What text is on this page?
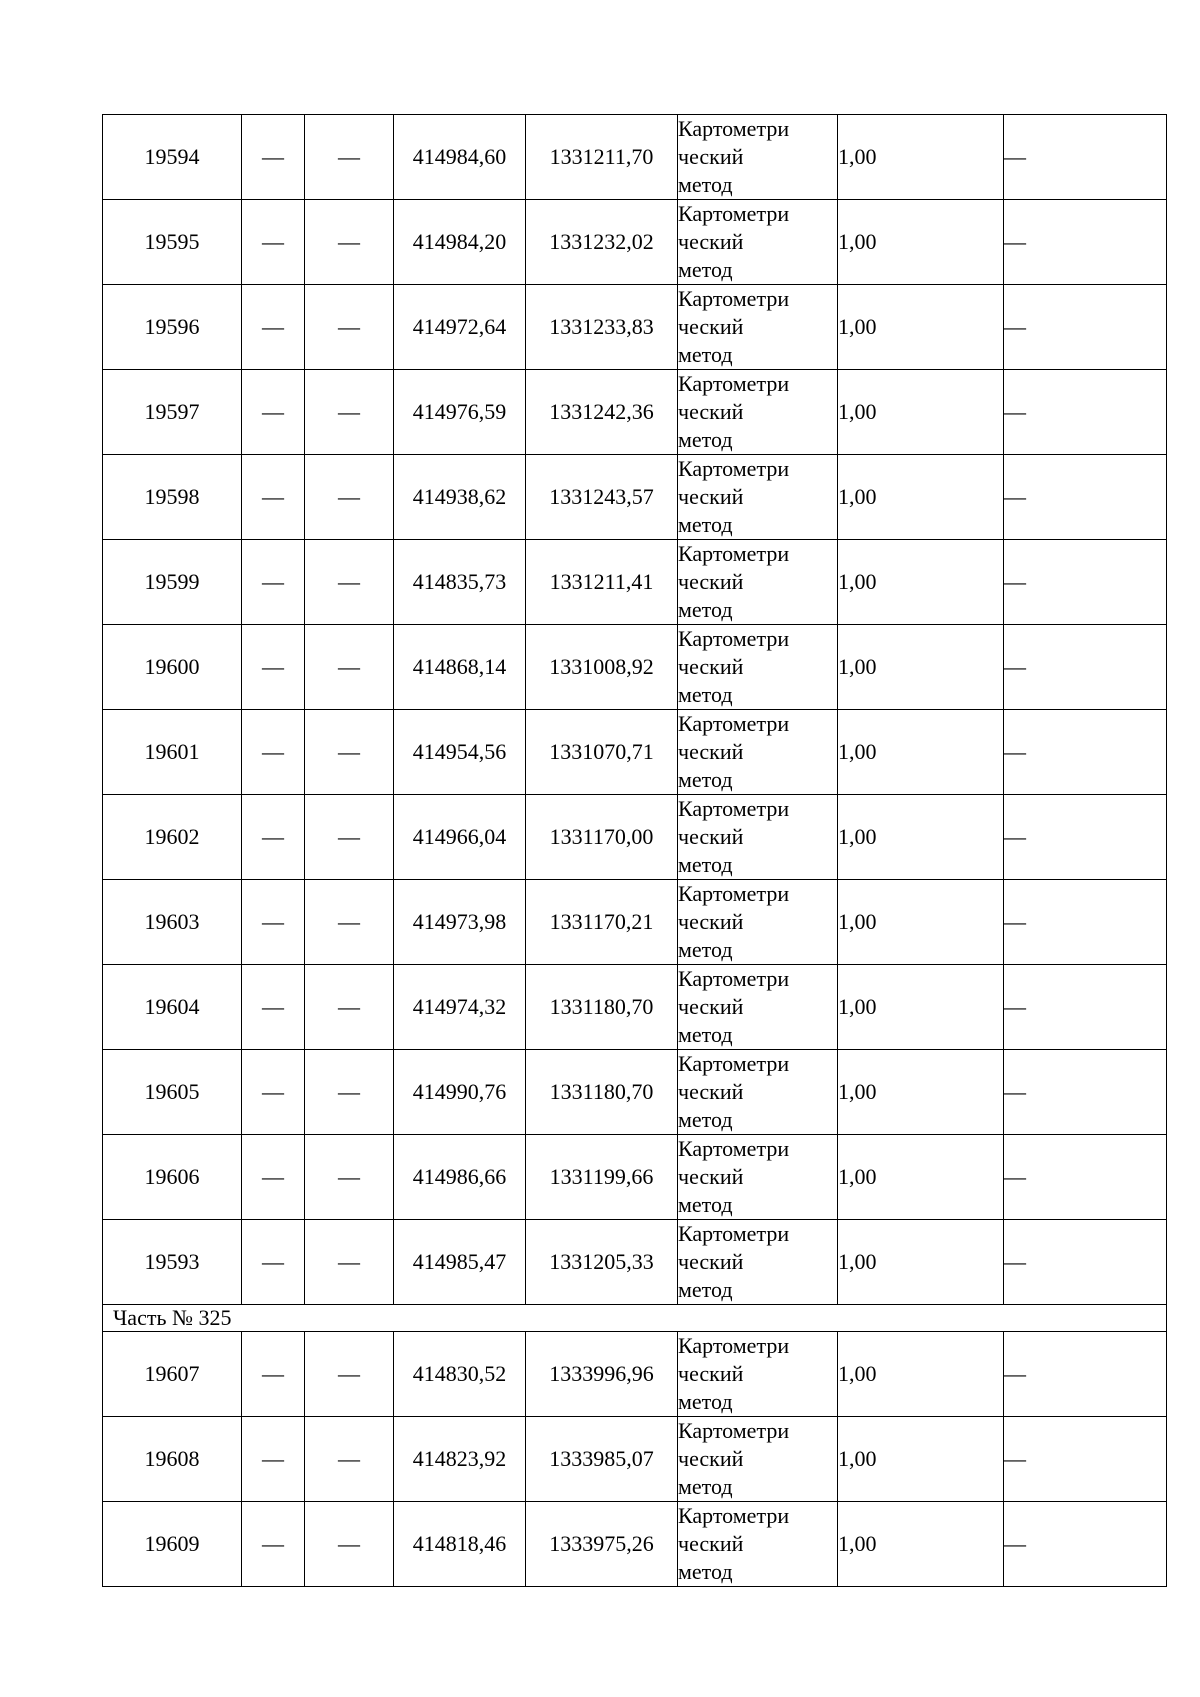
19594	—	—	414984,60	1331211,70	Картометри
ческий
метод	1,00	—
19595	—	—	414984,20	1331232,02	Картометри
ческий
метод	1,00	—
19596	—	—	414972,64	1331233,83	Картометри
ческий
метод	1,00	—
19597	—	—	414976,59	1331242,36	Картометри
ческий
метод	1,00	—
19598	—	—	414938,62	1331243,57	Картометри
ческий
метод	1,00	—
19599	—	—	414835,73	1331211,41	Картометри
ческий
метод	1,00	—
19600	—	—	414868,14	1331008,92	Картометри
ческий
метод	1,00	—
19601	—	—	414954,56	1331070,71	Картометри
ческий
метод	1,00	—
19602	—	—	414966,04	1331170,00	Картометри
ческий
метод	1,00	—
19603	—	—	414973,98	1331170,21	Картометри
ческий
метод	1,00	—
19604	—	—	414974,32	1331180,70	Картометри
ческий
метод	1,00	—
19605	—	—	414990,76	1331180,70	Картометри
ческий
метод	1,00	—
19606	—	—	414986,66	1331199,66	Картометри
ческий
метод	1,00	—
19593	—	—	414985,47	1331205,33	Картометри
ческий
метод	1,00	—
Часть № 325							
19607	—	—	414830,52	1333996,96	Картометри
ческий
метод	1,00	—
19608	—	—	414823,92	1333985,07	Картометри
ческий
метод	1,00	—
19609	—	—	414818,46	1333975,26	Картометри
ческий
метод	1,00	—
